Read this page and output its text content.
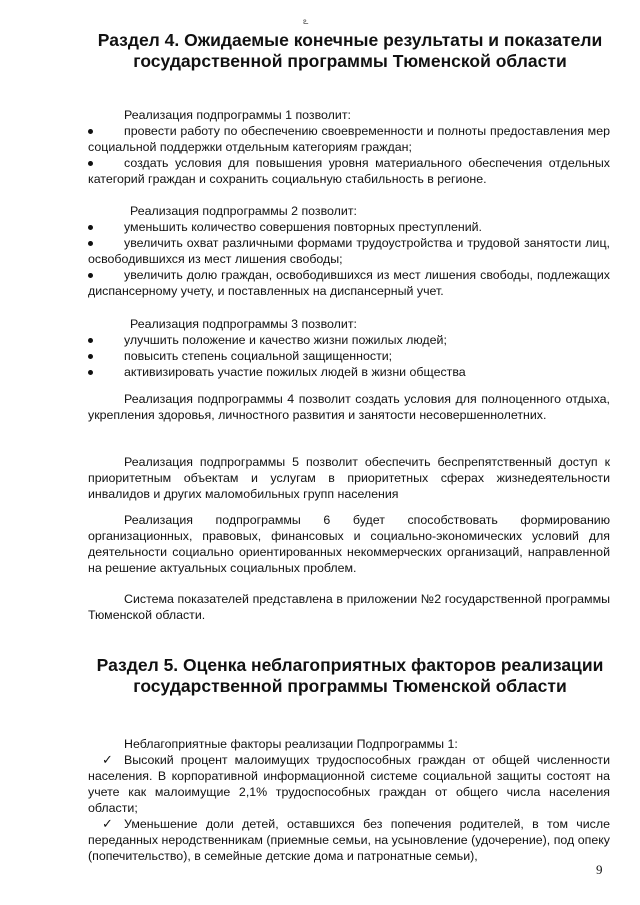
ఽ
Раздел 4. Ожидаемые конечные результаты и показатели государственной программы Тюменской области
Реализация подпрограммы 1 позволит:
провести работу по обеспечению своевременности и полноты предоставления мер социальной поддержки отдельным категориям граждан;
создать условия для повышения уровня материального обеспечения отдельных категорий граждан и сохранить социальную стабильность в регионе.
Реализация подпрограммы 2 позволит:
уменьшить количество совершения повторных преступлений.
увеличить охват различными формами трудоустройства и трудовой занятости лиц, освободившихся из мест лишения свободы;
увеличить долю граждан, освободившихся из мест лишения свободы, подлежащих диспансерному учету, и поставленных на диспансерный учет.
Реализация подпрограммы 3 позволит:
улучшить положение и качество жизни пожилых людей;
повысить степень социальной защищенности;
активизировать участие пожилых людей в жизни общества
Реализация подпрограммы 4 позволит создать условия для полноценного отдыха, укрепления здоровья, личностного развития и занятости несовершеннолетних.
Реализация подпрограммы 5 позволит обеспечить беспрепятственный доступ к приоритетным объектам и услугам в приоритетных сферах жизнедеятельности инвалидов и других маломобильных групп населения
Реализация подпрограммы 6 будет способствовать формированию организационных, правовых, финансовых и социально-экономических условий для деятельности социально ориентированных некоммерческих организаций, направленной на решение актуальных социальных проблем.
Система показателей представлена в приложении №2 государственной программы Тюменской области.
Раздел 5. Оценка неблагоприятных факторов реализации государственной программы Тюменской области
Неблагоприятные факторы реализации Подпрограммы 1:
✓ Высокий процент малоимущих трудоспособных граждан от общей численности населения. В корпоративной информационной системе социальной защиты состоят на учете как малоимущие 2,1% трудоспособных граждан от общего числа населения области;
✓ Уменьшение доли детей, оставшихся без попечения родителей, в том числе переданных неродственникам (приемные семьи, на усыновление (удочерение), под опеку (попечительство), в семейные детские дома и патронатные семьи),
9
